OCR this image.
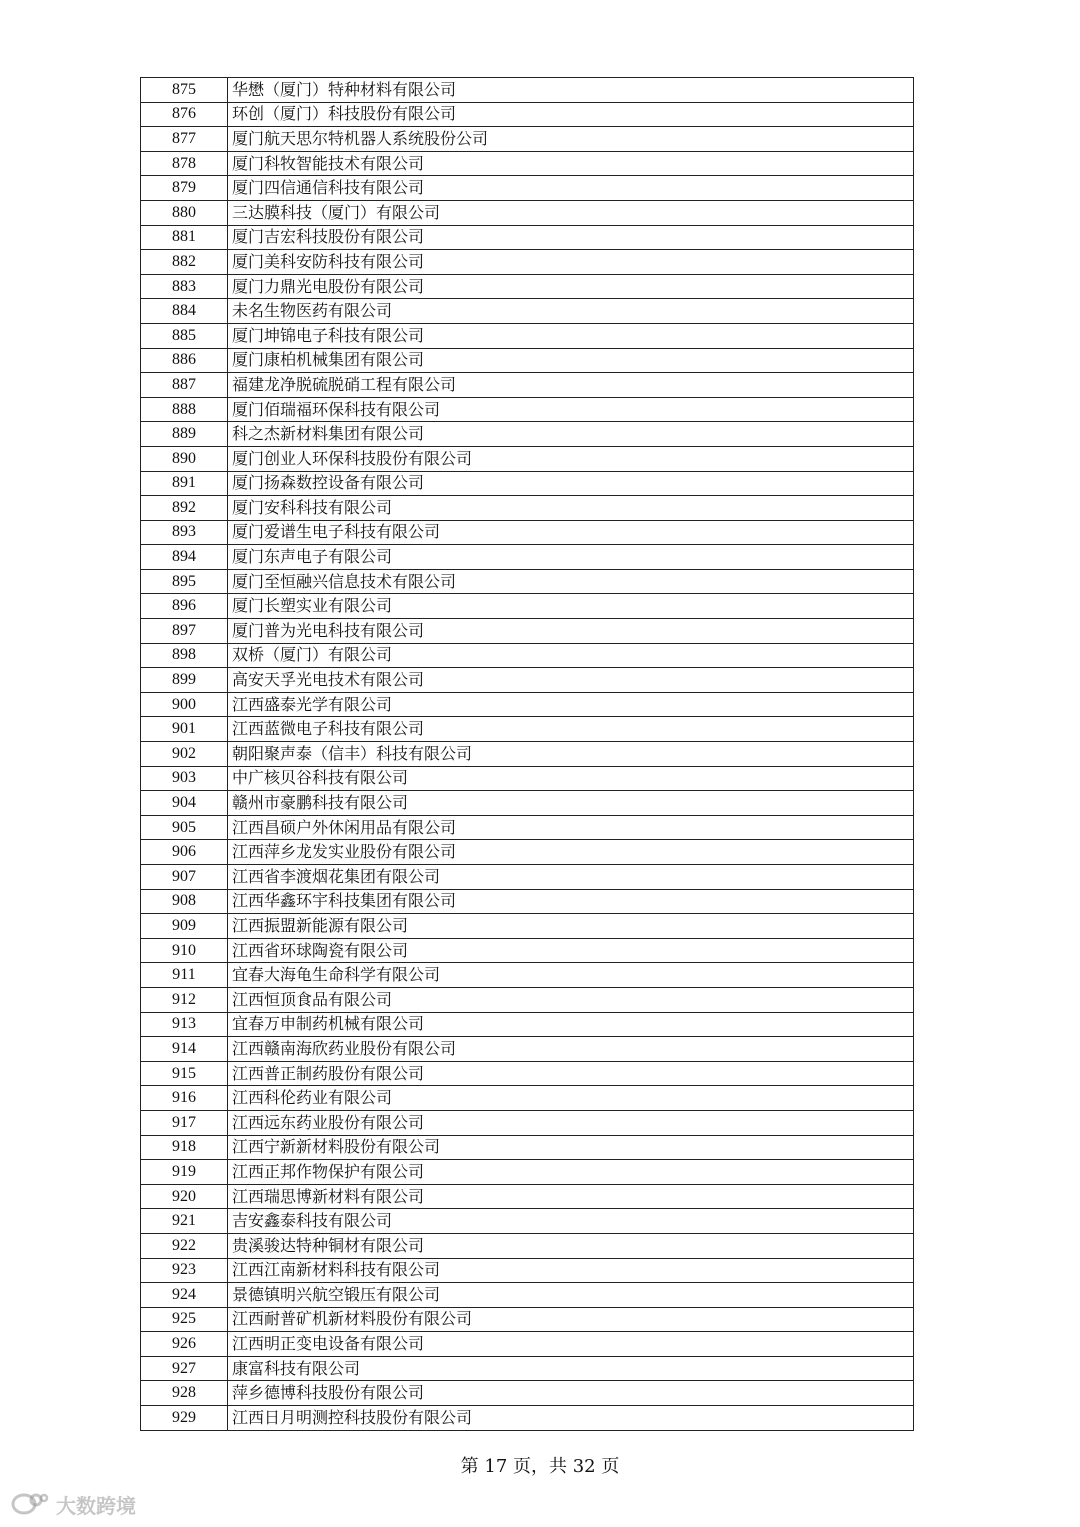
875	华懋（厦门）特种材料有限公司
876	环创（厦门）科技股份有限公司
877	厦门航天思尔特机器人系统股份公司
878	厦门科牧智能技术有限公司
879	厦门四信通信科技有限公司
880	三达膜科技（厦门）有限公司
881	厦门吉宏科技股份有限公司
882	厦门美科安防科技有限公司
883	厦门力鼎光电股份有限公司
884	未名生物医药有限公司
885	厦门坤锦电子科技有限公司
886	厦门康柏机械集团有限公司
887	福建龙净脱硫脱硝工程有限公司
888	厦门佰瑞福环保科技有限公司
889	科之杰新材料集团有限公司
890	厦门创业人环保科技股份有限公司
891	厦门扬森数控设备有限公司
892	厦门安科科技有限公司
893	厦门爱谱生电子科技有限公司
894	厦门东声电子有限公司
895	厦门至恒融兴信息技术有限公司
896	厦门长塑实业有限公司
897	厦门普为光电科技有限公司
898	双桥（厦门）有限公司
899	高安天孚光电技术有限公司
900	江西盛泰光学有限公司
901	江西蓝微电子科技有限公司
902	朝阳聚声泰（信丰）科技有限公司
903	中广核贝谷科技有限公司
904	赣州市豪鹏科技有限公司
905	江西昌硕户外休闲用品有限公司
906	江西萍乡龙发实业股份有限公司
907	江西省李渡烟花集团有限公司
908	江西华鑫环宇科技集团有限公司
909	江西振盟新能源有限公司
910	江西省环球陶瓷有限公司
911	宜春大海龟生命科学有限公司
912	江西恒顶食品有限公司
913	宜春万申制药机械有限公司
914	江西赣南海欣药业股份有限公司
915	江西普正制药股份有限公司
916	江西科伦药业有限公司
917	江西远东药业股份有限公司
918	江西宁新新材料股份有限公司
919	江西正邦作物保护有限公司
920	江西瑞思博新材料有限公司
921	吉安鑫泰科技有限公司
922	贵溪骏达特种铜材有限公司
923	江西江南新材料科技有限公司
924	景德镇明兴航空锻压有限公司
925	江西耐普矿机新材料股份有限公司
926	江西明正变电设备有限公司
927	康富科技有限公司
928	萍乡德博科技股份有限公司
929	江西日月明测控科技股份有限公司
第 17 页，共 32 页
大数跨境
